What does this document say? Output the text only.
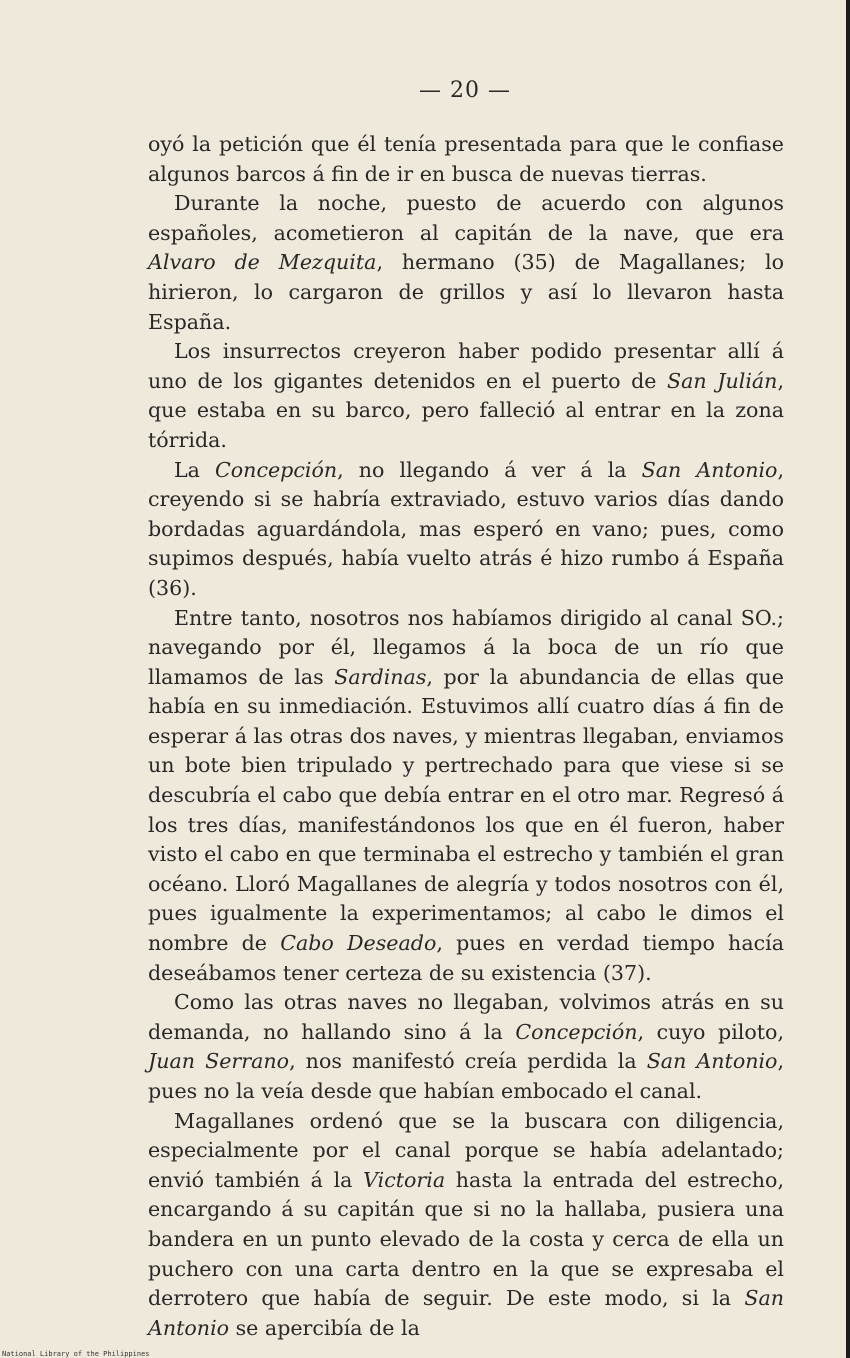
— 20 —

oyó la petición que él tenía presentada para que le confiase algunos barcos á fin de ir en busca de nuevas tierras.

Durante la noche, puesto de acuerdo con algunos españoles, acometieron al capitán de la nave, que era Alvaro de Mezquita, hermano (35) de Magallanes; lo hirieron, lo cargaron de grillos y así lo llevaron hasta España.

Los insurrectos creyeron haber podido presentar allí á uno de los gigantes detenidos en el puerto de San Julián, que estaba en su barco, pero falleció al entrar en la zona tórrida.

La Concepción, no llegando á ver á la San Antonio, creyendo si se habría extraviado, estuvo varios días dando bordadas aguardándola, mas esperó en vano; pues, como supimos después, había vuelto atrás é hizo rumbo á España (36).

Entre tanto, nosotros nos habíamos dirigido al canal SO.; navegando por él, llegamos á la boca de un río que llamamos de las Sardinas, por la abundancia de ellas que había en su inmediación. Estuvimos allí cuatro días á fin de esperar á las otras dos naves, y mientras llegaban, enviamos un bote bien tripulado y pertrechado para que viese si se descubría el cabo que debía entrar en el otro mar. Regresó á los tres días, manifestándonos los que en él fueron, haber visto el cabo en que terminaba el estrecho y también el gran océano. Lloró Magallanes de alegría y todos nosotros con él, pues igualmente la experimentamos; al cabo le dimos el nombre de Cabo Deseado, pues en verdad tiempo hacía deseábamos tener certeza de su existencia (37).

Como las otras naves no llegaban, volvimos atrás en su demanda, no hallando sino á la Concepción, cuyo piloto, Juan Serrano, nos manifestó creía perdida la San Antonio, pues no la veía desde que habían embocado el canal.

Magallanes ordenó que se la buscara con diligencia, especialmente por el canal porque se había adelantado; envió también á la Victoria hasta la entrada del estrecho, encargando á su capitán que si no la hallaba, pusiera una bandera en un punto elevado de la costa y cerca de ella un puchero con una carta dentro en la que se expresaba el derrotero que había de seguir. De este modo, si la San Antonio se apercibía de la

National Library of the Philippines
